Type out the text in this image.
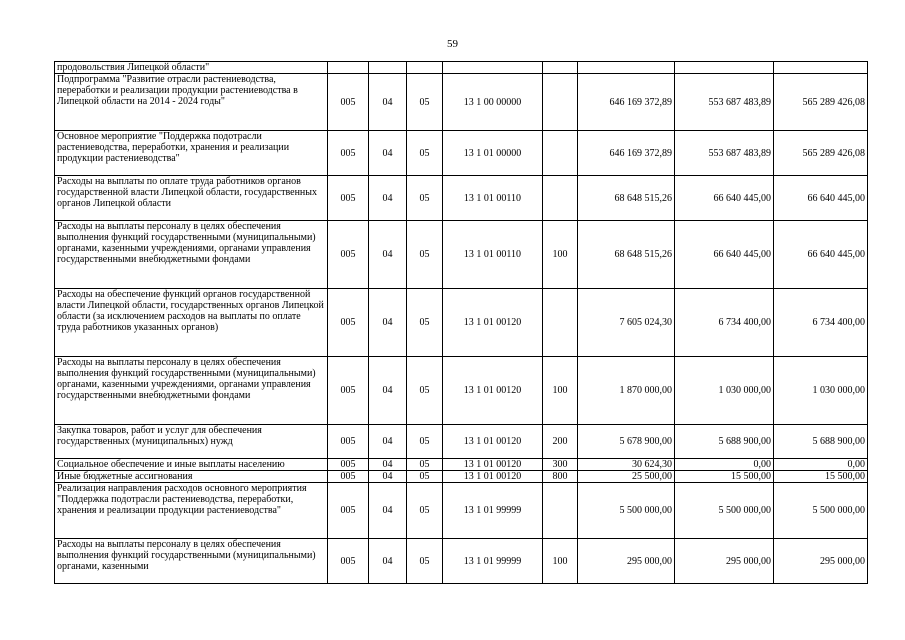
59
продовольствия Липецкой области"								
Подпрограмма "Развитие отрасли растениеводства, переработки и реализации продукции растениеводства в Липецкой области на 2014 - 2024 годы"	005	04	05	13 1 00 00000		646 169 372,89	553 687 483,89	565 289 426,08
Основное мероприятие "Поддержка подотрасли растениеводства, переработки, хранения и реализации продукции растениеводства"	005	04	05	13 1 01 00000		646 169 372,89	553 687 483,89	565 289 426,08
Расходы на выплаты по оплате труда работников органов государственной власти Липецкой области, государственных органов Липецкой области	005	04	05	13 1 01 00110		68 648 515,26	66 640 445,00	66 640 445,00
Расходы на выплаты персоналу в целях обеспечения выполнения функций государственными (муниципальными) органами, казенными учреждениями, органами управления государственными внебюджетными фондами	005	04	05	13 1 01 00110	100	68 648 515,26	66 640 445,00	66 640 445,00
Расходы на обеспечение функций органов государственной власти Липецкой области, государственных органов Липецкой области (за исключением расходов на выплаты по оплате труда работников указанных органов)	005	04	05	13 1 01 00120		7 605 024,30	6 734 400,00	6 734 400,00
Расходы на выплаты персоналу в целях обеспечения выполнения функций государственными (муниципальными) органами, казенными учреждениями, органами управления государственными внебюджетными фондами	005	04	05	13 1 01 00120	100	1 870 000,00	1 030 000,00	1 030 000,00
Закупка товаров, работ и услуг для обеспечения государственных (муниципальных) нужд	005	04	05	13 1 01 00120	200	5 678 900,00	5 688 900,00	5 688 900,00
Социальное обеспечение и иные выплаты населению	005	04	05	13 1 01 00120	300	30 624,30	0,00	0,00
Иные бюджетные ассигнования	005	04	05	13 1 01 00120	800	25 500,00	15 500,00	15 500,00
Реализация направления расходов основного мероприятия "Поддержка подотрасли растениеводства, переработки, хранения и реализации продукции растениеводства"	005	04	05	13 1 01 99999		5 500 000,00	5 500 000,00	5 500 000,00
Расходы на выплаты персоналу в целях обеспечения выполнения функций государственными (муниципальными) органами, казенными	005	04	05	13 1 01 99999	100	295 000,00	295 000,00	295 000,00
